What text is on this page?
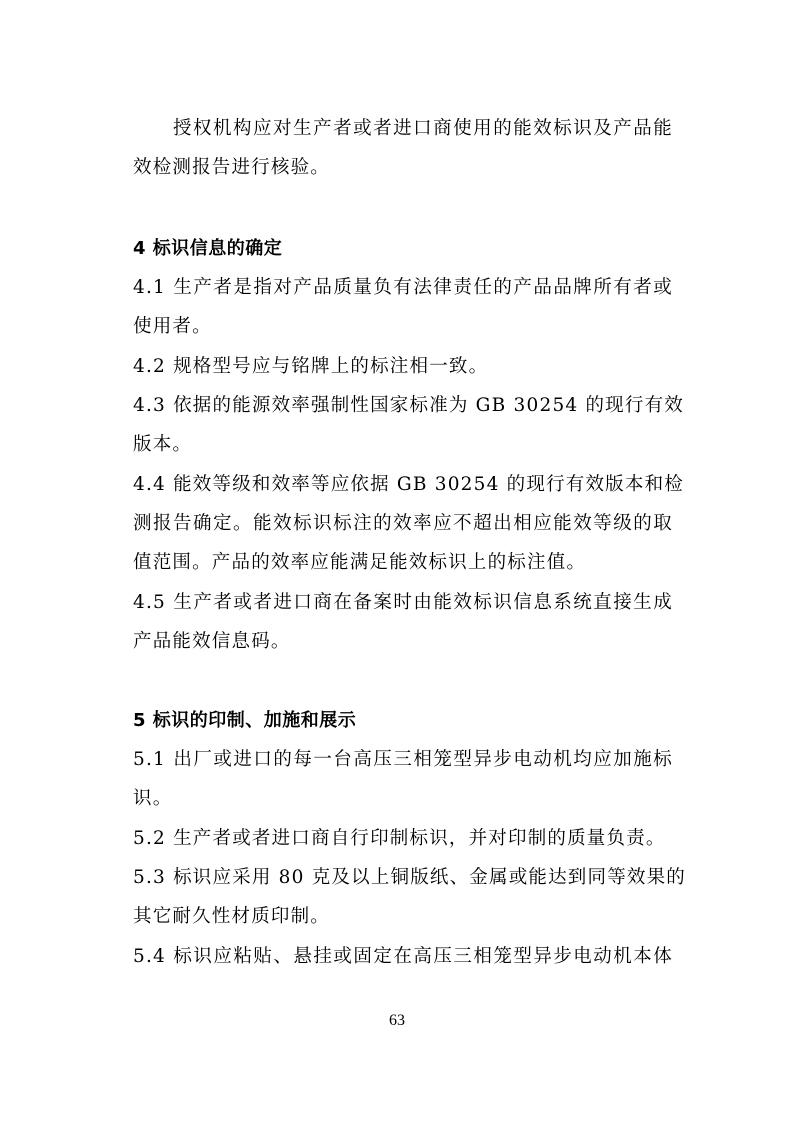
授权机构应对生产者或者进口商使用的能效标识及产品能
效检测报告进行核验。
4 标识信息的确定
4.1 生产者是指对产品质量负有法律责任的产品品牌所有者或
使用者。
4.2 规格型号应与铭牌上的标注相一致。
4.3 依据的能源效率强制性国家标准为 GB 30254 的现行有效
版本。
4.4 能效等级和效率等应依据 GB 30254 的现行有效版本和检
测报告确定。能效标识标注的效率应不超出相应能效等级的取
值范围。产品的效率应能满足能效标识上的标注值。
4.5 生产者或者进口商在备案时由能效标识信息系统直接生成
产品能效信息码。
5 标识的印制、加施和展示
5.1 出厂或进口的每一台高压三相笼型异步电动机均应加施标
识。
5.2 生产者或者进口商自行印制标识，并对印制的质量负责。
5.3 标识应采用 80 克及以上铜版纸、金属或能达到同等效果的
其它耐久性材质印制。
5.4 标识应粘贴、悬挂或固定在高压三相笼型异步电动机本体
63
